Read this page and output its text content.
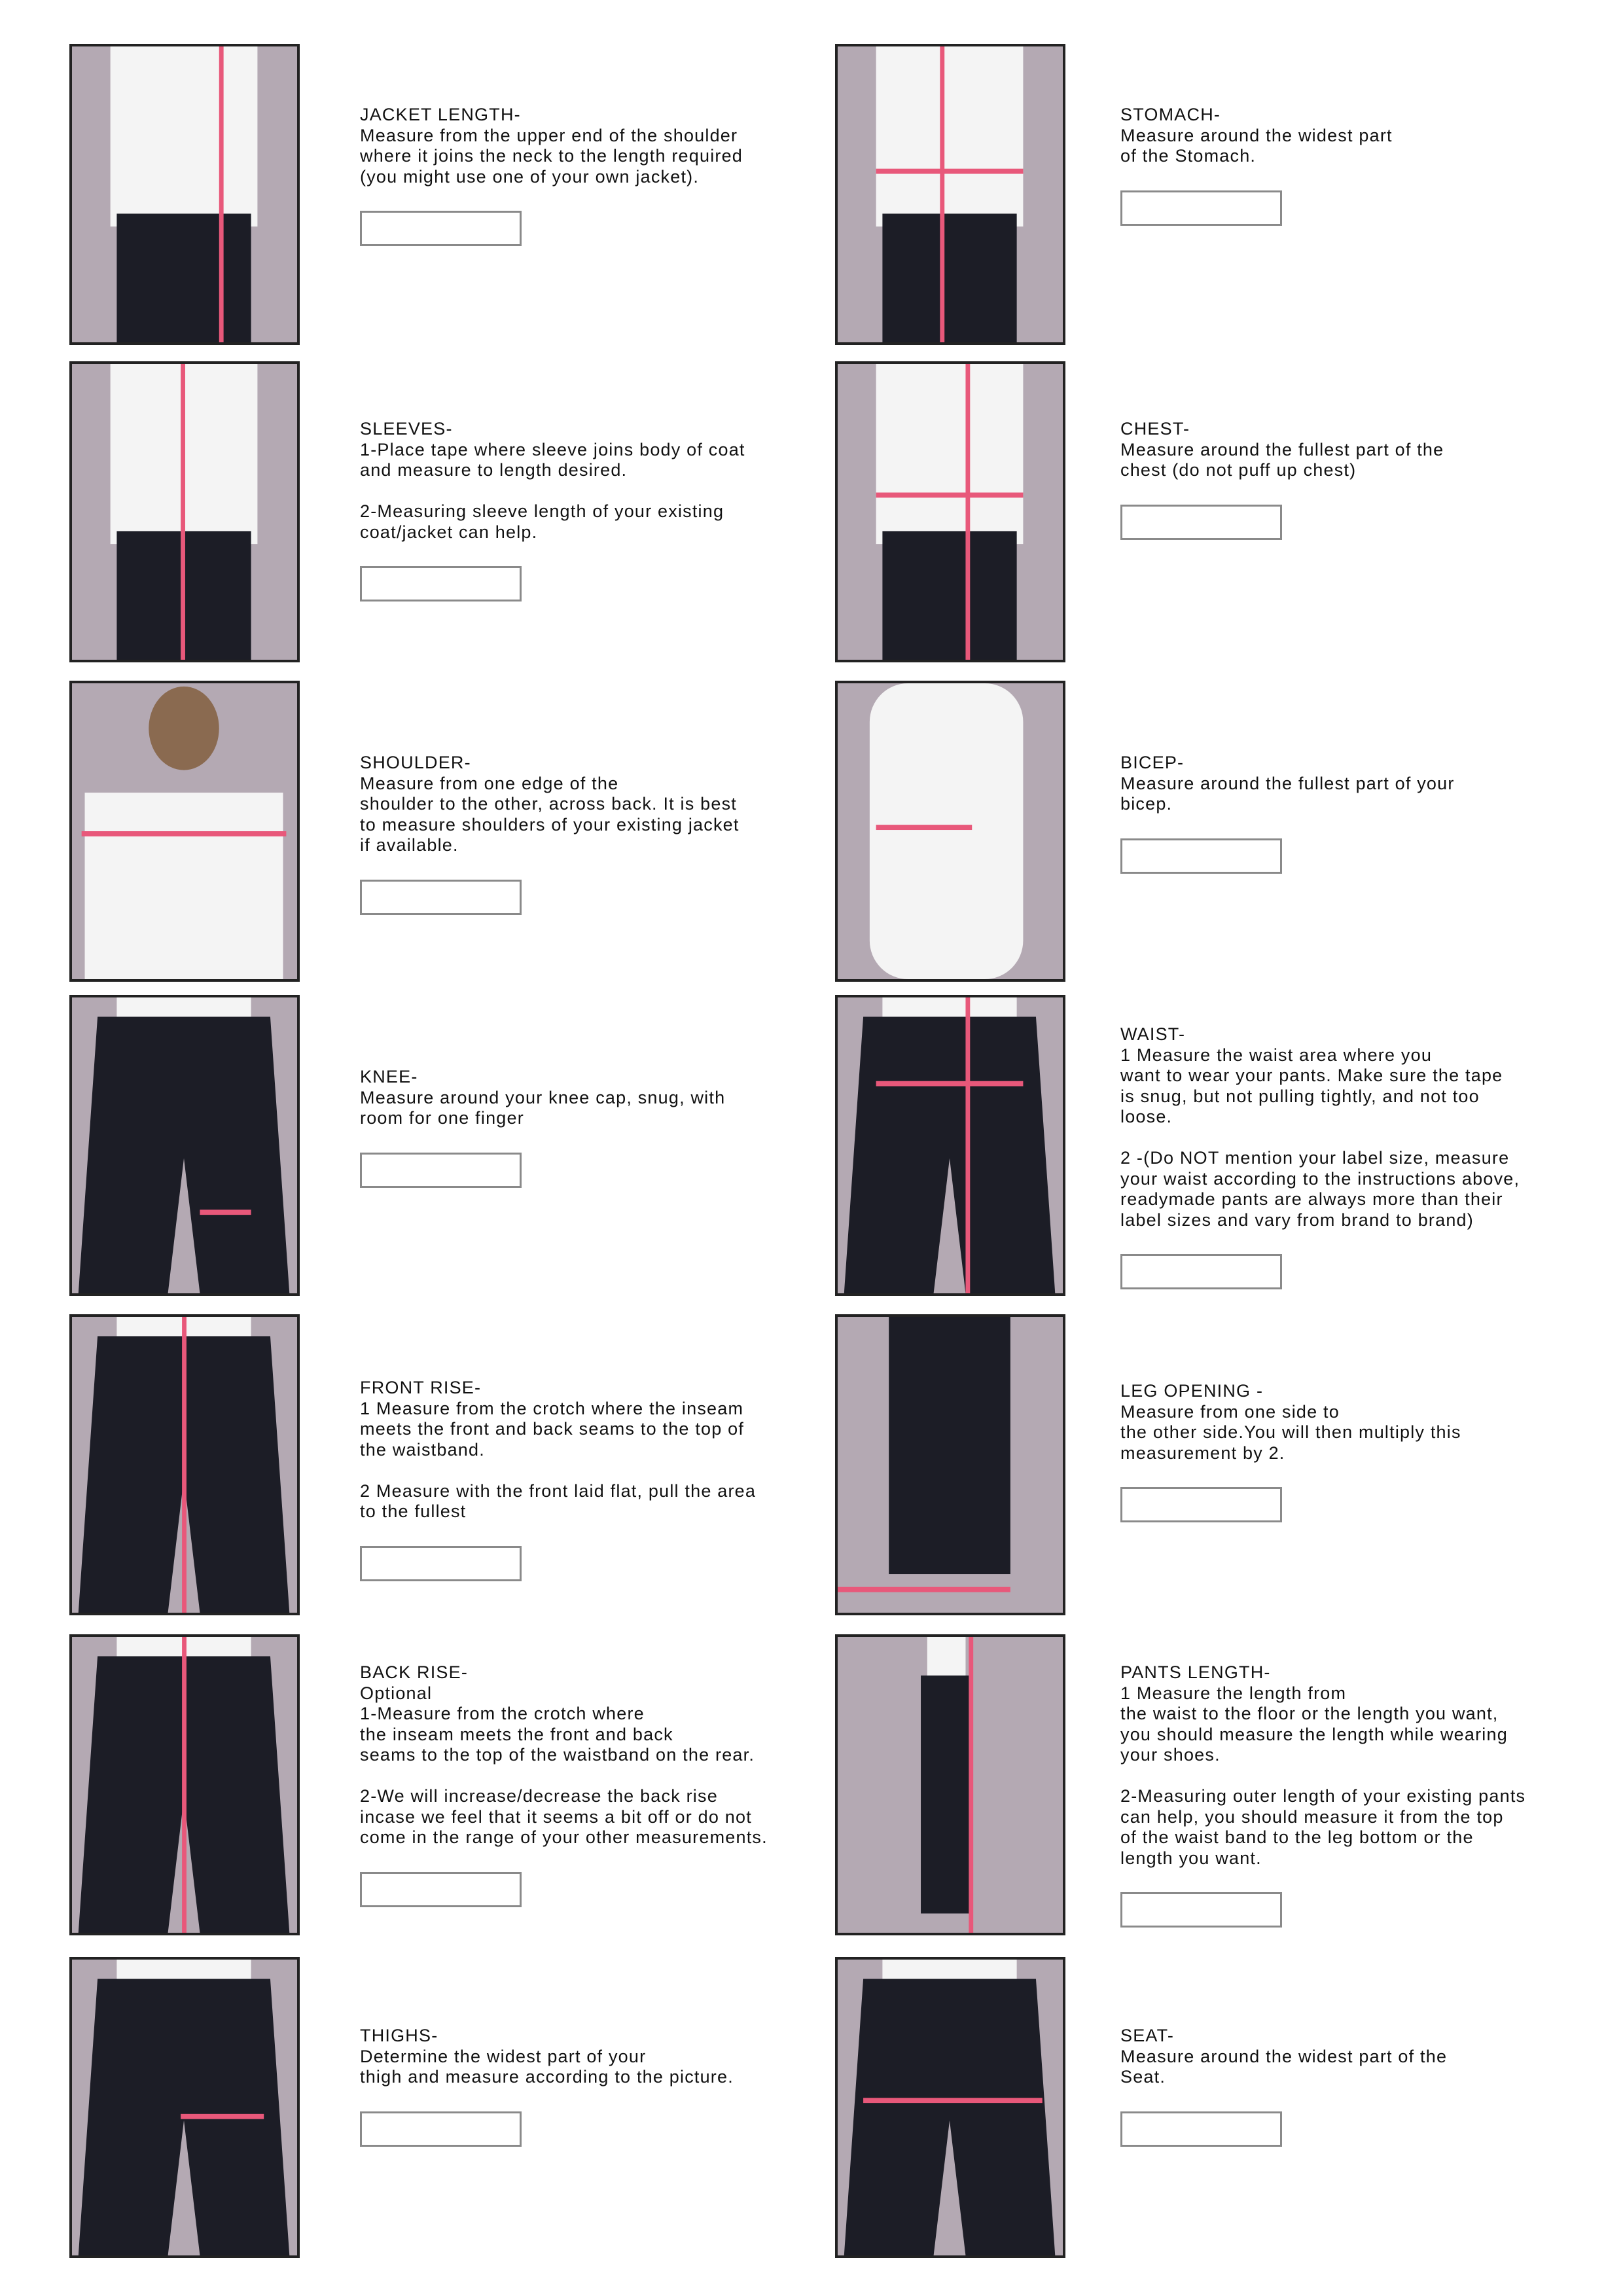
JACKET LENGTH-
Measure from the upper end of the shoulder
where it joins the neck to the length required
(you might use one of your own jacket).
SLEEVES-
1-Place tape where sleeve joins body of coat
and measure to length desired.

2-Measuring sleeve length of your existing
coat/jacket can help.
SHOULDER-
Measure from one edge of the
shoulder to the other, across back. It is best
to measure shoulders of your existing jacket
if available.
KNEE-
Measure around your knee cap, snug, with
room for one finger
FRONT RISE-
1 Measure from the crotch where the inseam
meets the front and back seams to the top of
the waistband.

2 Measure with the front laid flat, pull the area
to the fullest
BACK RISE-
Optional
1-Measure from the crotch where
the inseam meets the front and back
seams to the top of the waistband on the rear.

2-We will increase/decrease the back rise
incase we feel that it seems a bit off or do not
come in the range of your other measurements.
THIGHS-
Determine the widest part of your
thigh and measure according to the picture.
STOMACH-
Measure around the widest part
of the Stomach.
CHEST-
Measure around the fullest part of the
chest (do not puff up chest)
BICEP-
Measure around the fullest part of your
bicep.
WAIST-
1 Measure the waist area where you
want to wear your pants. Make sure the tape
is snug, but not pulling tightly, and not too
loose.

2 -(Do NOT mention your label size, measure
your waist according to the instructions above,
readymade pants are always more than their
label sizes and vary from brand to brand)
LEG OPENING -
Measure from one side to
the other side.You will then multiply this
measurement by 2.
PANTS LENGTH-
1 Measure the length from
the waist to the floor or the length you want,
you should measure the length while wearing
your shoes.

2-Measuring outer length of your existing pants
can help, you should measure it from the top
of the waist band to the leg bottom or the
length you want.
SEAT-
Measure around the widest part of the
Seat.
